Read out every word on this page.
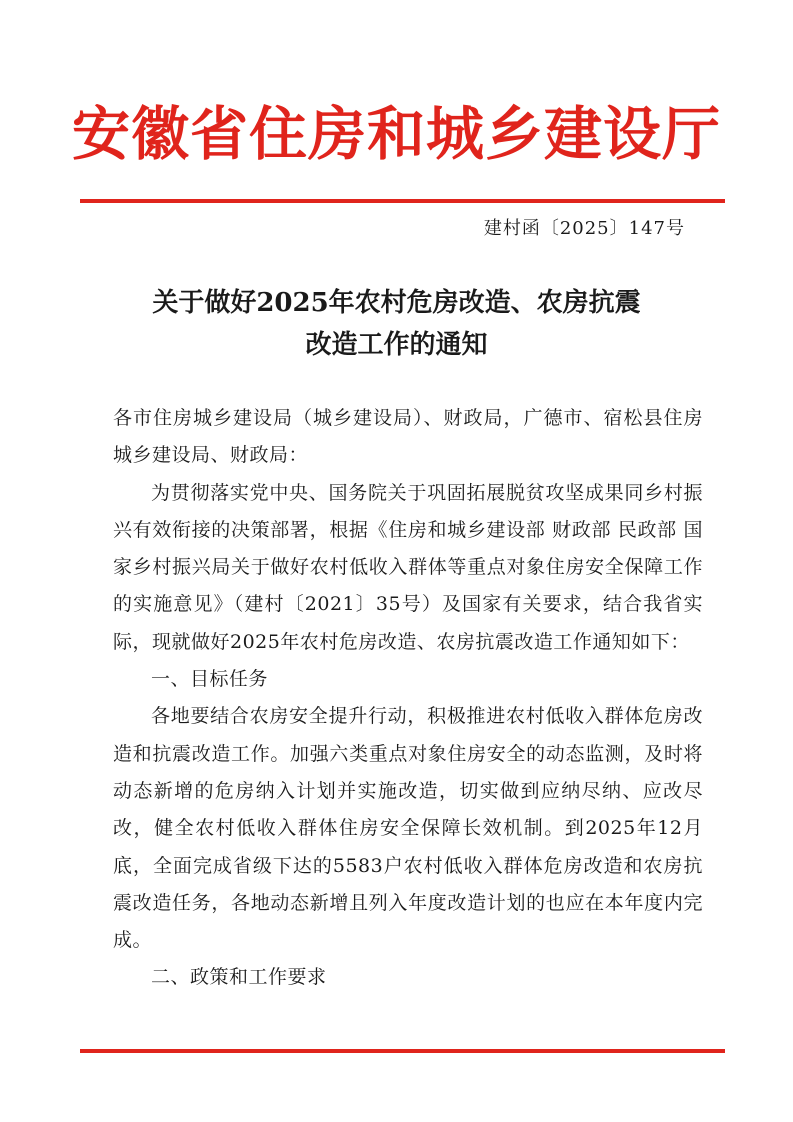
安徽省住房和城乡建设厅
建村函〔2025〕147号
关于做好2025年农村危房改造、农房抗震
改造工作的通知

各市住房城乡建设局（城乡建设局）、财政局，广德市、宿松县住房城乡建设局、财政局：

为贯彻落实党中央、国务院关于巩固拓展脱贫攻坚成果同乡村振兴有效衔接的决策部署，根据《住房和城乡建设部 财政部 民政部 国家乡村振兴局关于做好农村低收入群体等重点对象住房安全保障工作的实施意见》（建村〔2021〕35号）及国家有关要求，结合我省实际，现就做好2025年农村危房改造、农房抗震改造工作通知如下：

一、目标任务

各地要结合农房安全提升行动，积极推进农村低收入群体危房改造和抗震改造工作。加强六类重点对象住房安全的动态监测，及时将动态新增的危房纳入计划并实施改造，切实做到应纳尽纳、应改尽改，健全农村低收入群体住房安全保障长效机制。到2025年12月底，全面完成省级下达的5583户农村低收入群体危房改造和农房抗震改造任务，各地动态新增且列入年度改造计划的也应在本年度内完成。

二、政策和工作要求
